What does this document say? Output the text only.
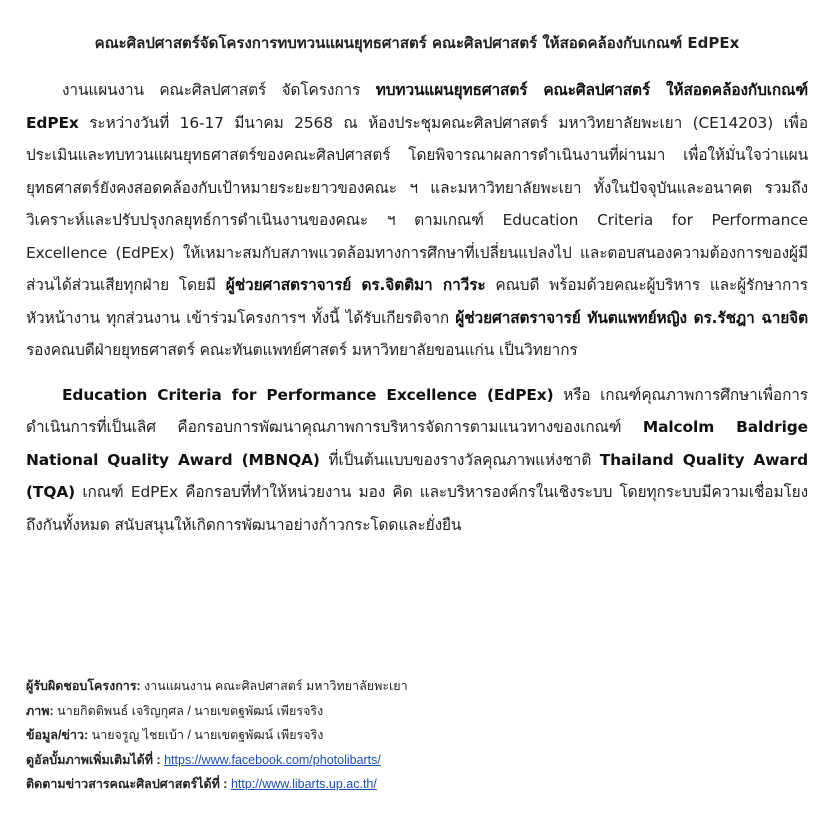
คณะศิลปศาสตร์จัดโครงการทบทวนแผนยุทธศาสตร์ คณะศิลปศาสตร์ ให้สอดคล้องกับเกณฑ์ EdPEx

งานแผนงาน คณะศิลปศาสตร์ จัดโครงการ ทบทวนแผนยุทธศาสตร์ คณะศิลปศาสตร์ ให้สอดคล้องกับเกณฑ์ EdPEx ระหว่างวันที่ 16-17 มีนาคม 2568 ณ ห้องประชุมคณะศิลปศาสตร์ มหาวิทยาลัยพะเยา (CE14203) เพื่อประเมินและทบทวนแผนยุทธศาสตร์ของคณะศิลปศาสตร์ โดยพิจารณาผลการดำเนินงานที่ผ่านมา เพื่อให้มั่นใจว่าแผนยุทธศาสตร์ยังคงสอดคล้องกับเป้าหมายระยะยาวของคณะ ฯ และมหาวิทยาลัยพะเยา ทั้งในปัจจุบันและอนาคต รวมถึงวิเคราะห์และปรับปรุงกลยุทธ์การดำเนินงานของคณะ ฯ ตามเกณฑ์ Education Criteria for Performance Excellence (EdPEx) ให้เหมาะสมกับสภาพแวดล้อมทางการศึกษาที่เปลี่ยนแปลงไป และตอบสนองความต้องการของผู้มีส่วนได้ส่วนเสียทุกฝ่าย โดยมี ผู้ช่วยศาสตราจารย์ ดร.จิตติมา กาวีระ คณบดี พร้อมด้วยคณะผู้บริหาร และผู้รักษาการหัวหน้างาน ทุกส่วนงาน เข้าร่วมโครงการฯ ทั้งนี้ ได้รับเกียรติจาก ผู้ช่วยศาสตราจารย์ ทันตแพทย์หญิง ดร.รัชฎา ฉายจิต รองคณบดีฝ่ายยุทธศาสตร์ คณะทันตแพทย์ศาสตร์ มหาวิทยาลัยขอนแก่น เป็นวิทยากร

Education Criteria for Performance Excellence (EdPEx) หรือ เกณฑ์คุณภาพการศึกษาเพื่อการดำเนินการที่เป็นเลิศ คือกรอบการพัฒนาคุณภาพการบริหารจัดการตามแนวทางของเกณฑ์ Malcolm Baldrige National Quality Award (MBNQA) ที่เป็นต้นแบบของรางวัลคุณภาพแห่งชาติ Thailand Quality Award (TQA) เกณฑ์ EdPEx คือกรอบที่ทำให้หน่วยงาน มอง คิด และบริหารองค์กรในเชิงระบบ โดยทุกระบบมีความเชื่อมโยงถึงกันทั้งหมด สนับสนุนให้เกิดการพัฒนาอย่างก้าวกระโดดและยั่งยืน

ผู้รับผิดชอบโครงการ: งานแผนงาน คณะศิลปศาสตร์ มหาวิทยาลัยพะเยา
ภาพ: นายกิตติพนธ์ เจริญกุศล / นายเขตฐพัฒน์ เพียรจริง
ข้อมูล/ข่าว: นายจรูญ ไชยเบ้า / นายเขตฐพัฒน์ เพียรจริง
ดูอัลบั้มภาพเพิ่มเติมได้ที่ : https://www.facebook.com/photolibarts/
ติดตามข่าวสารคณะศิลปศาสตร์ได้ที่ : http://www.libarts.up.ac.th/
